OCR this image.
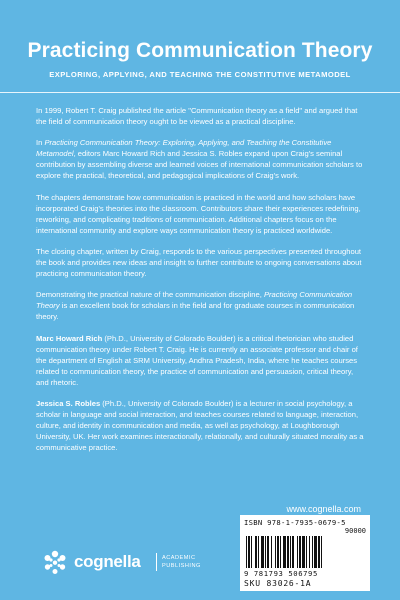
Practicing Communication Theory
EXPLORING, APPLYING, AND TEACHING THE CONSTITUTIVE METAMODEL

In 1999, Robert T. Craig published the article "Communication theory as a field" and argued that the field of communication theory ought to be viewed as a practical discipline.

In Practicing Communication Theory: Exploring, Applying, and Teaching the Constitutive Metamodel, editors Marc Howard Rich and Jessica S. Robles expand upon Craig's seminal contribution by assembling diverse and learned voices of international communication scholars to explore the practical, theoretical, and pedagogical implications of Craig's work.

The chapters demonstrate how communication is practiced in the world and how scholars have incorporated Craig's theories into the classroom. Contributors share their experiences redefining, reworking, and complicating traditions of communication. Additional chapters focus on the international community and explore ways communication theory is practiced worldwide.

The closing chapter, written by Craig, responds to the various perspectives presented throughout the book and provides new ideas and insight to further contribute to ongoing conversations about practicing communication theory.

Demonstrating the practical nature of the communication discipline, Practicing Communication Theory is an excellent book for scholars in the field and for graduate courses in communication theory.

Marc Howard Rich (Ph.D., University of Colorado Boulder) is a critical rhetorician who studied communication theory under Robert T. Craig. He is currently an associate professor and chair of the department of English at SRM University, Andhra Pradesh, India, where he teaches courses related to communication theory, the practice of communication and persuasion, critical theory, and rhetoric.

Jessica S. Robles (Ph.D., University of Colorado Boulder) is a lecturer in social psychology, a scholar in language and social interaction, and teaches courses related to language, interaction, culture, and identity in communication and media, as well as psychology, at Loughborough University, UK. Her work examines interactionally, relationally, and culturally situated morality as a communicative practice.

www.cognella.com
cognella	ACADEMIC
PUBLISHING
ISBN 978-1-7935-0679-5
90000
9 781793 506795
SKU 83026-1A
